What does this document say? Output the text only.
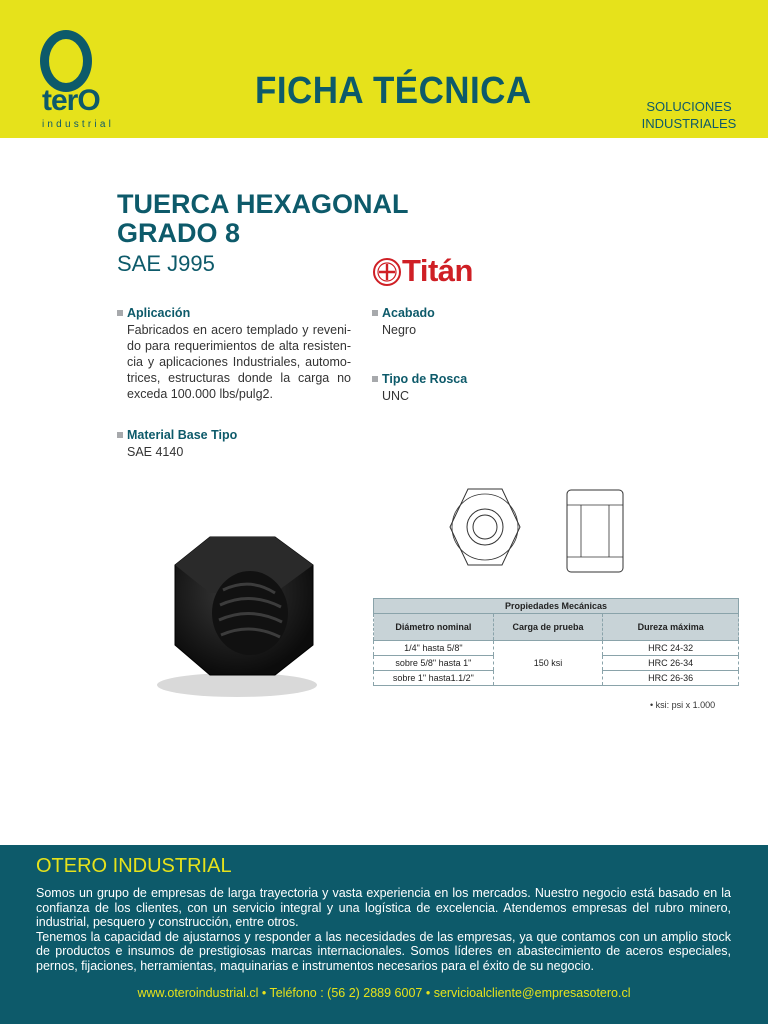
terO
industrial
FICHA TÉCNICA	SOLUCIONES
INDUSTRIALES
TUERCA HEXAGONAL
GRADO 8
SAE J995	Titán
Aplicación
Fabricados en acero templado y reveni-do para requerimientos de alta resisten-cia y aplicaciones Industriales, automo-trices, estructuras donde la carga no exceda 100.000 lbs/pulg2.
Material Base Tipo
SAE 4140
Acabado
Negro
Tipo de Rosca
UNC
Propiedades Mecánicas		
Diámetro nominal	Carga de prueba	Dureza máxima
1/4" hasta 5/8"	150 ksi	HRC 24-32
sobre 5/8" hasta 1"		HRC 26-34
sobre 1" hasta1.1/2"		HRC 26-36
• ksi: psi x 1.000
OTERO INDUSTRIAL
Somos un grupo de empresas de larga trayectoria y vasta experiencia en los mercados. Nuestro negocio está basado en la confianza de los clientes, con un servicio integral y una logística de excelencia. Atendemos empresas del rubro minero, industrial, pesquero y construcción, entre otros.
Tenemos la capacidad de ajustarnos y responder a las necesidades de las empresas, ya que contamos con un amplio stock de productos e insumos de prestigiosas marcas internacionales. Somos líderes en abastecimiento de aceros especiales, pernos, fijaciones, herramientas, maquinarias e instrumentos necesarios para el éxito de su negocio.
www.oteroindustrial.cl • Teléfono : (56 2) 2889 6007 • servicioalcliente@empresasotero.cl
